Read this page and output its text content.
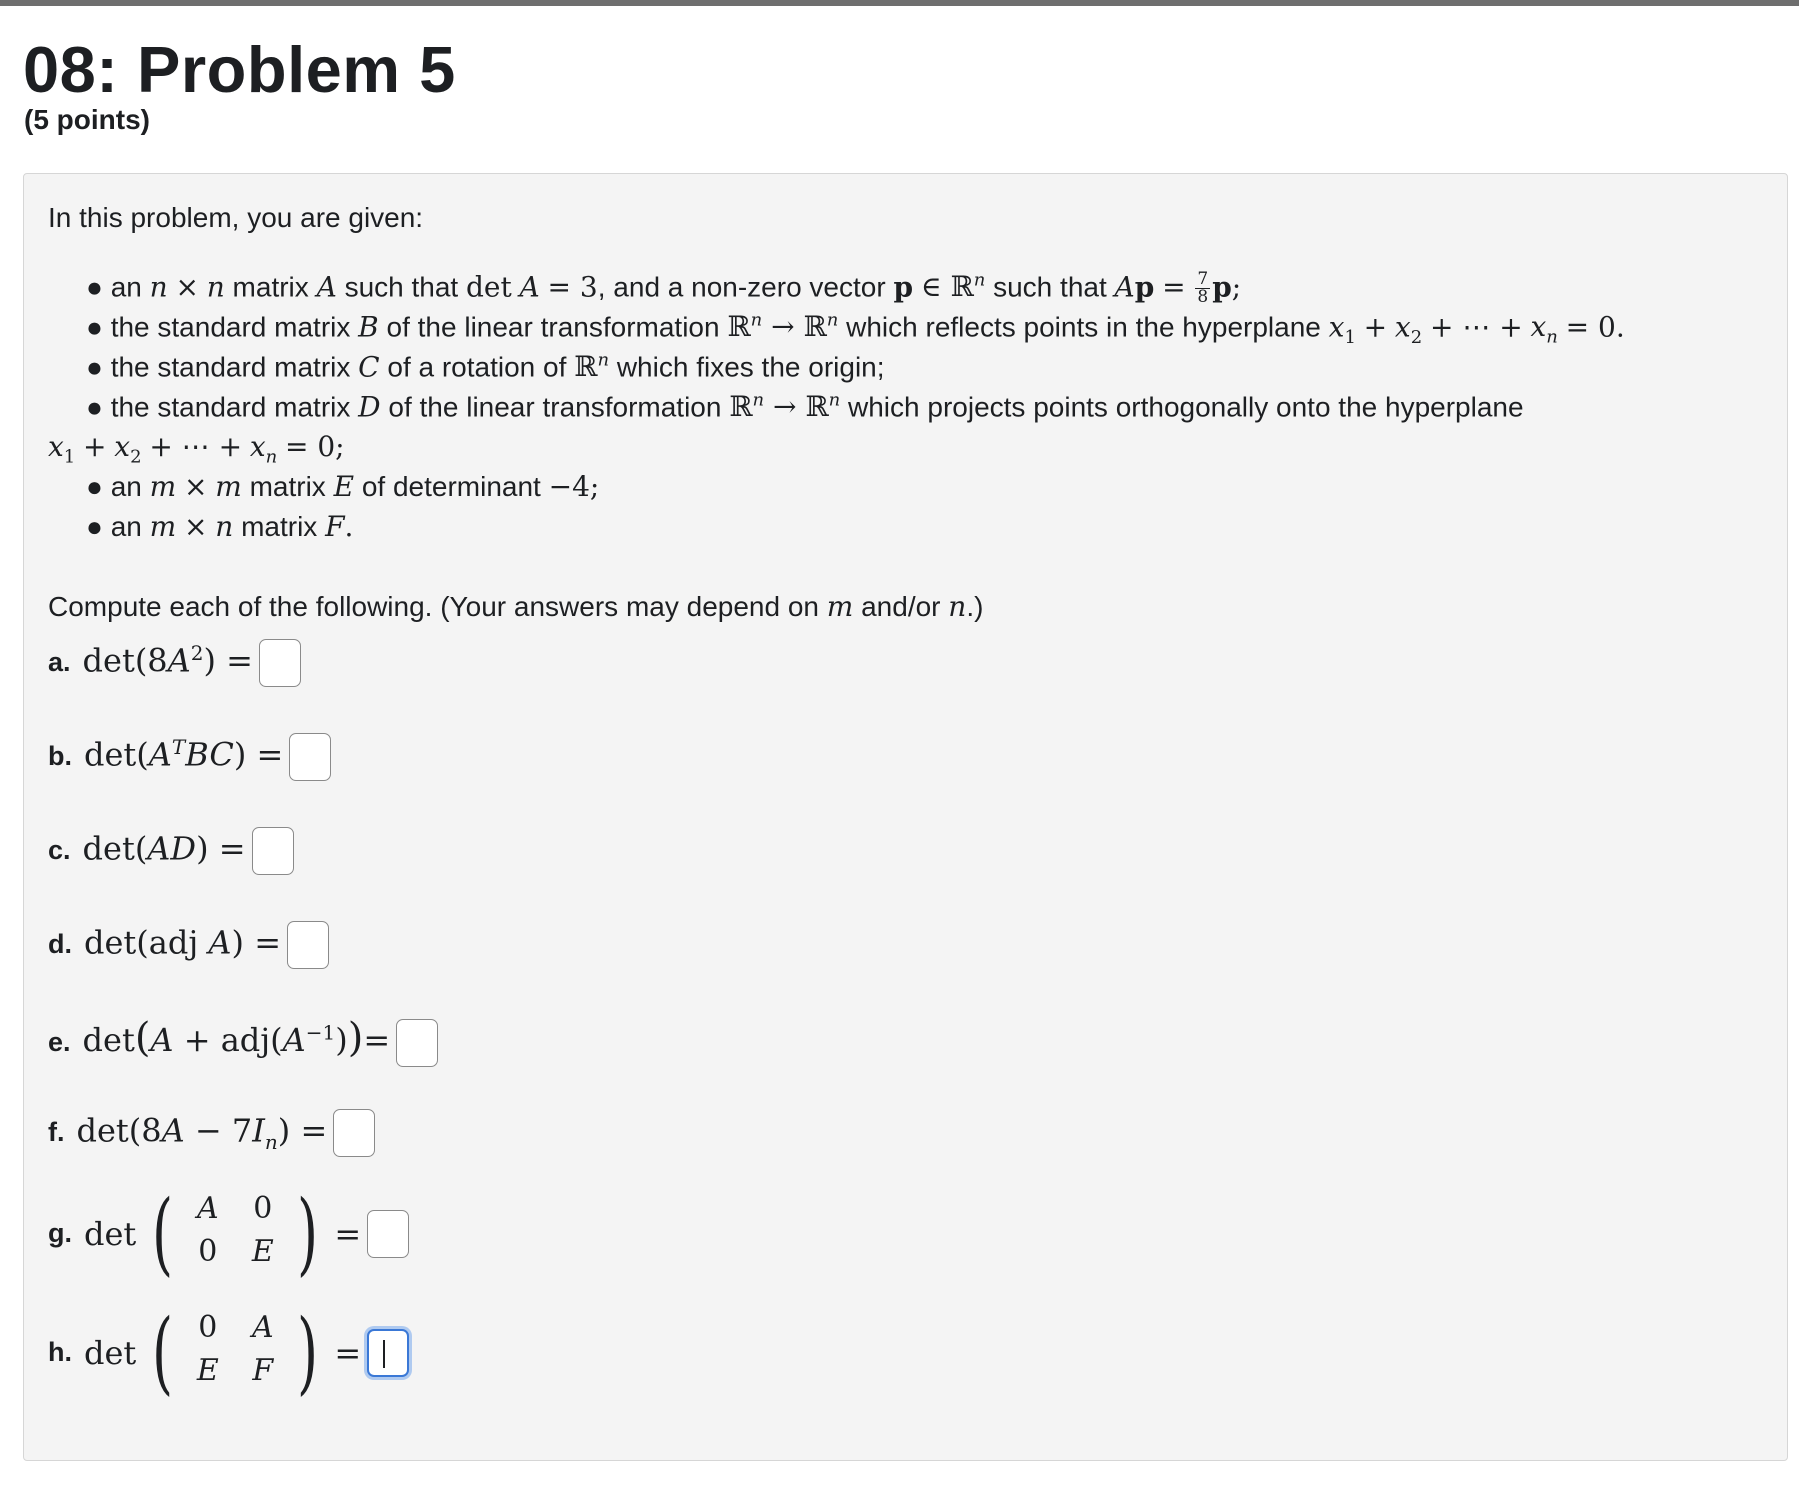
08: Problem 5
(5 points)
In this problem, you are given:
● an n × n matrix A such that det A = 3, and a non-zero vector p ∈ ℝ$^n$ such that $Ap = \frac{7}{8} p$;
● the standard matrix B of the linear transformation ℝ$^n$ → ℝ$^n$ which reflects points in the hyperplane $x_1 + x_2$ + ⋯ + $x_n = 0$.
● the standard matrix C of a rotation of ℝ$^n$ which fixes the origin;
● the standard matrix D of the linear transformation ℝ$^n$ → ℝ$^n$ which projects points orthogonally onto the hyperplane
$x_1 + x_2$ + ⋯ + $x_n = 0$;
● an m × m matrix E of determinant −4;
● an m × n matrix F.
Compute each of the following. (Your answers may depend on m and/or n.)
a. $\det(8A^2)$ =
b. $\det(A^TBC)$ =
c. det(AD) =
d. det(adj A) =
e. $\det(A + adj(A^{-1}))=$
f. $\det(8A - 7I_n)$ =
g. det ( A	0
0	E ) =
h. det ( 0	A
E	F ) =
